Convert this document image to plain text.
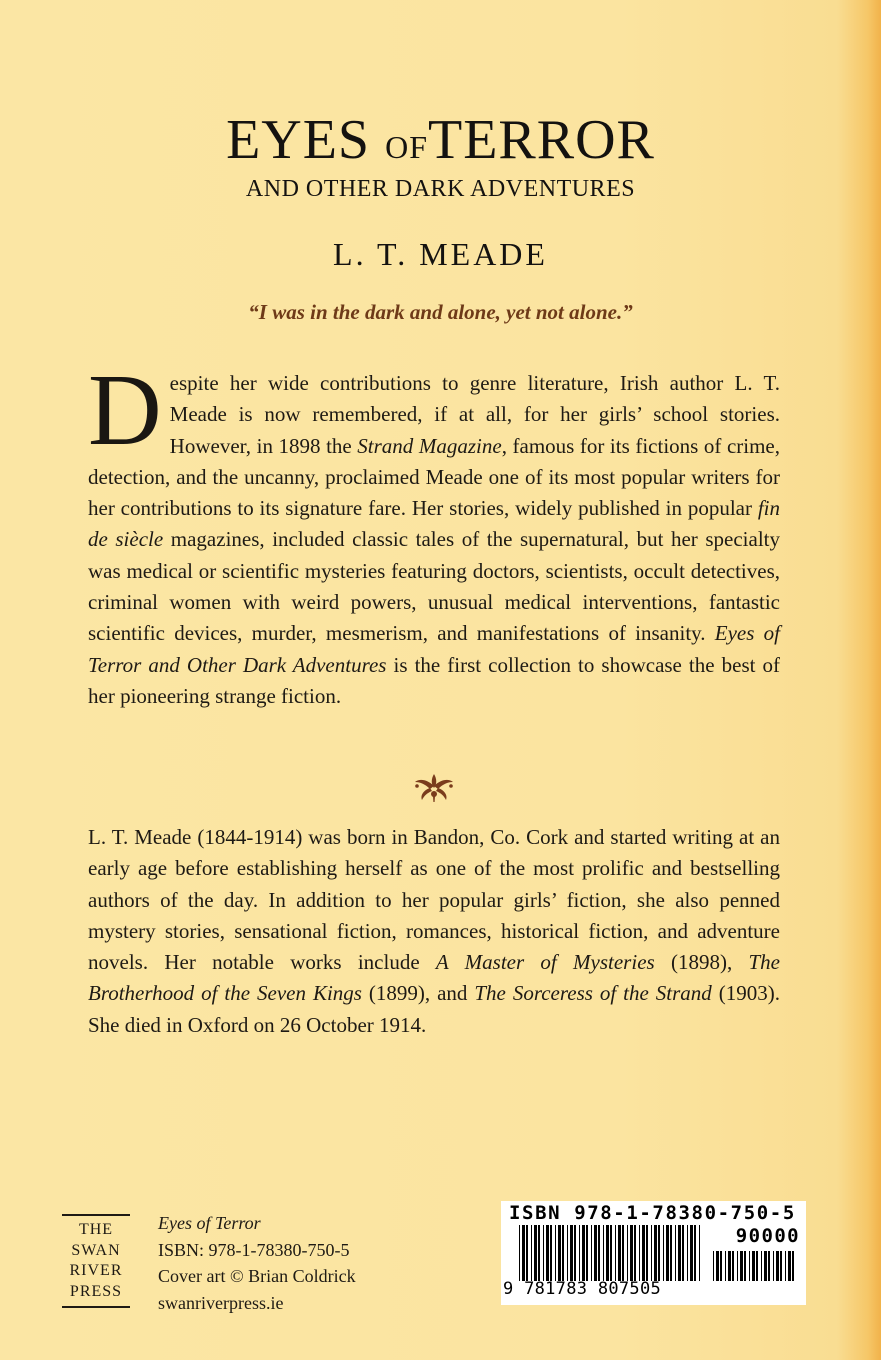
EYES OFTERROR
AND OTHER DARK ADVENTURES
L. T. MEADE
“I was in the dark and alone, yet not alone.”

Despite her wide contributions to genre literature, Irish author L. T. Meade is now remembered, if at all, for her girls’ school stories. However, in 1898 the Strand Magazine, famous for its fictions of crime, detection, and the uncanny, proclaimed Meade one of its most popular writers for her contributions to its signature fare. Her stories, widely published in popular fin de siècle magazines, included classic tales of the supernatural, but her specialty was medical or scientific mysteries featuring doctors, scientists, occult detectives, criminal women with weird powers, unusual medical interventions, fantastic scientific devices, murder, mesmerism, and manifestations of insanity. Eyes of Terror and Other Dark Adventures is the first collection to showcase the best of her pioneering strange fiction.

L. T. Meade (1844-1914) was born in Bandon, Co. Cork and started writing at an early age before establishing herself as one of the most prolific and bestselling authors of the day. In addition to her popular girls’ fiction, she also penned mystery stories, sensational fiction, romances, historical fiction, and adventure novels. Her notable works include A Master of Mysteries (1898), The Brotherhood of the Seven Kings (1899), and The Sorceress of the Strand (1903). She died in Oxford on 26 October 1914.

THE
SWAN
RIVER
PRESS
Eyes of Terror
ISBN: 978-1-78380-750-5
Cover art © Brian Coldrick
swanriverpress.ie
ISBN 978-1-78380-750-5
90000
9 781783 807505
